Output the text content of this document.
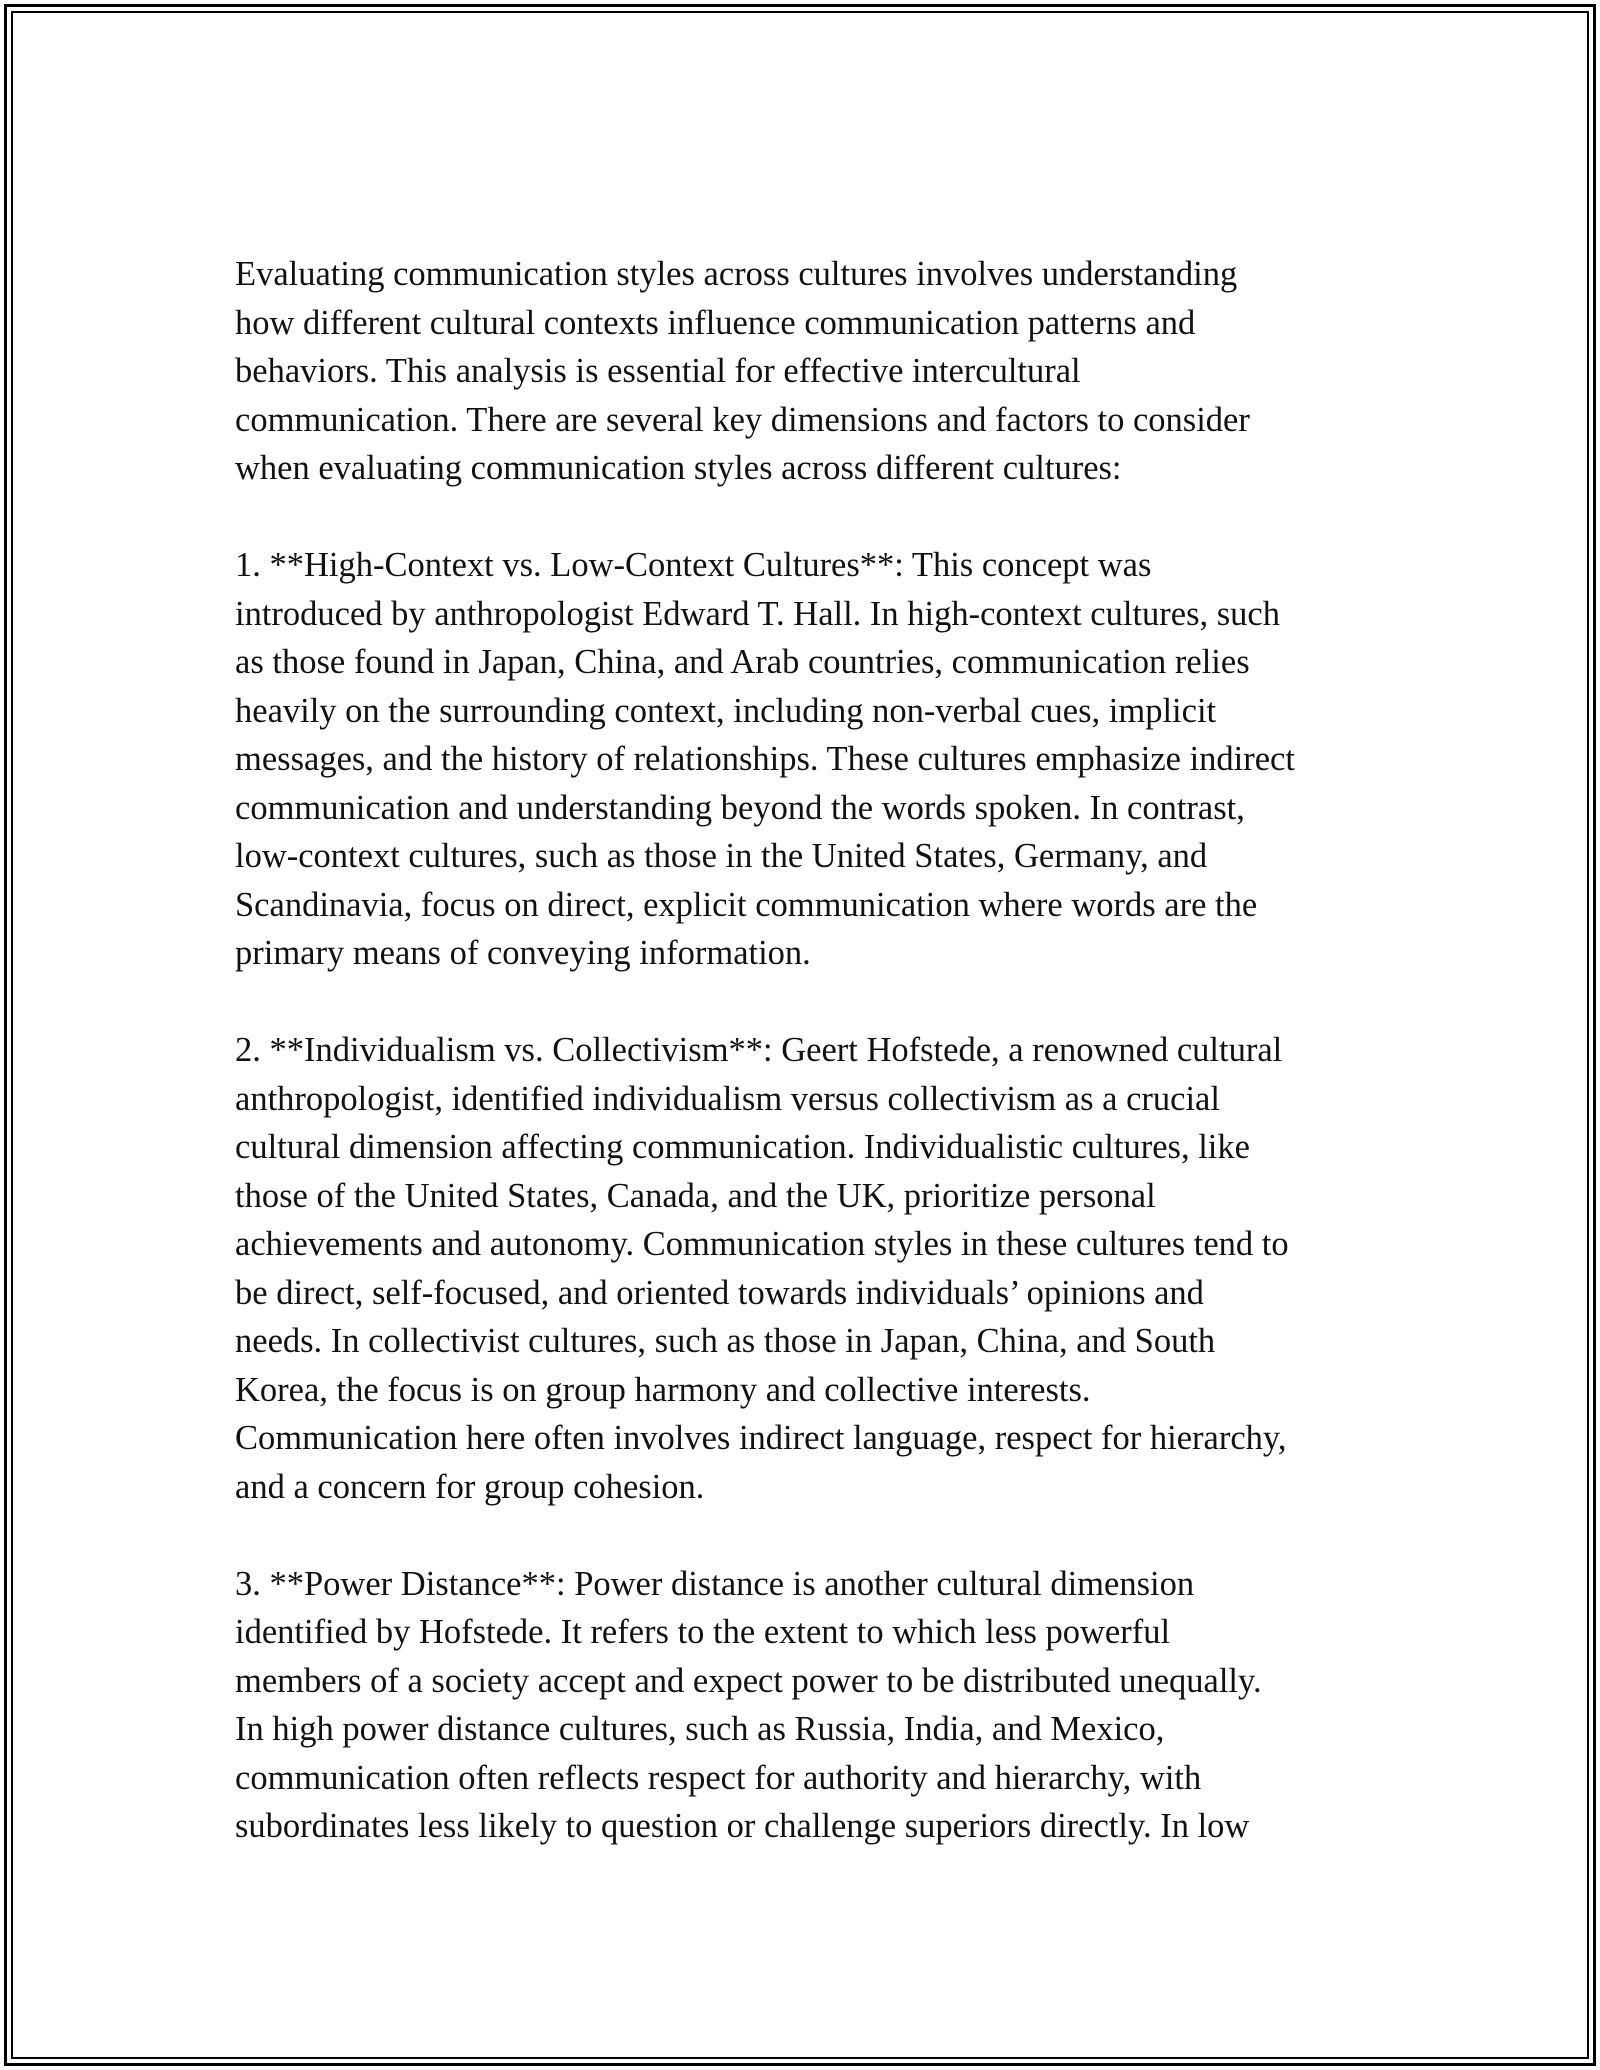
Evaluating communication styles across cultures involves understanding
how different cultural contexts influence communication patterns and
behaviors. This analysis is essential for effective intercultural
communication. There are several key dimensions and factors to consider
when evaluating communication styles across different cultures:
1. **High-Context vs. Low-Context Cultures**: This concept was
introduced by anthropologist Edward T. Hall. In high-context cultures, such
as those found in Japan, China, and Arab countries, communication relies
heavily on the surrounding context, including non-verbal cues, implicit
messages, and the history of relationships. These cultures emphasize indirect
communication and understanding beyond the words spoken. In contrast,
low-context cultures, such as those in the United States, Germany, and
Scandinavia, focus on direct, explicit communication where words are the
primary means of conveying information.
2. **Individualism vs. Collectivism**: Geert Hofstede, a renowned cultural
anthropologist, identified individualism versus collectivism as a crucial
cultural dimension affecting communication. Individualistic cultures, like
those of the United States, Canada, and the UK, prioritize personal
achievements and autonomy. Communication styles in these cultures tend to
be direct, self-focused, and oriented towards individuals’ opinions and
needs. In collectivist cultures, such as those in Japan, China, and South
Korea, the focus is on group harmony and collective interests.
Communication here often involves indirect language, respect for hierarchy,
and a concern for group cohesion.
3. **Power Distance**: Power distance is another cultural dimension
identified by Hofstede. It refers to the extent to which less powerful
members of a society accept and expect power to be distributed unequally.
In high power distance cultures, such as Russia, India, and Mexico,
communication often reflects respect for authority and hierarchy, with
subordinates less likely to question or challenge superiors directly. In low
